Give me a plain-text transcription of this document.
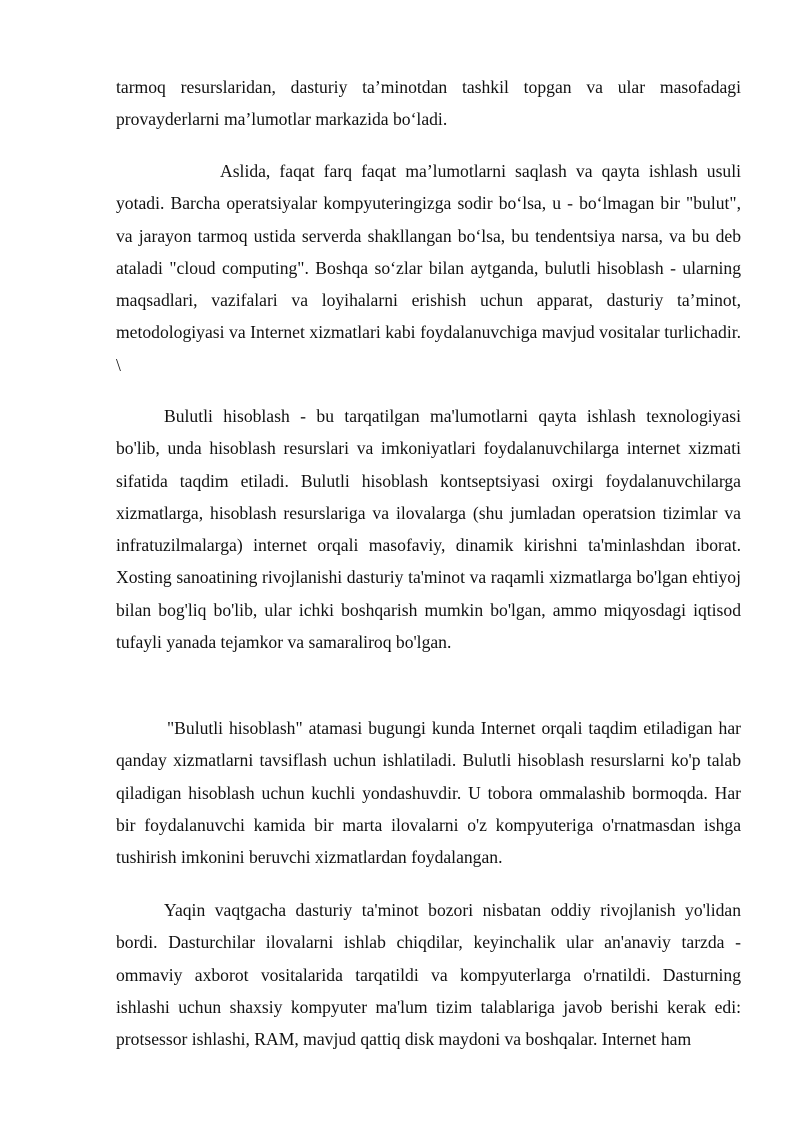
tarmoq resurslaridan, dasturiy ta’minotdan tashkil topgan va ular masofadagi provayderlarni ma’lumotlar markazida bo‘ladi.

Aslida, faqat farq faqat ma’lumotlarni saqlash va qayta ishlash usuli yotadi. Barcha operatsiyalar kompyuteringizga sodir bo‘lsa, u - bo‘lmagan bir "bulut", va jarayon tarmoq ustida serverda shakllangan bo‘lsa, bu tendentsiya narsa, va bu deb ataladi "cloud computing". Boshqa so‘zlar bilan aytganda, bulutli hisoblash - ularning maqsadlari, vazifalari va loyihalarni erishish uchun apparat, dasturiy ta’minot, metodologiyasi va Internet xizmatlari kabi foydalanuvchiga mavjud vositalar turlichadir. \

Bulutli hisoblash - bu tarqatilgan ma'lumotlarni qayta ishlash texnologiyasi bo'lib, unda hisoblash resurslari va imkoniyatlari foydalanuvchilarga internet xizmati sifatida taqdim etiladi. Bulutli hisoblash kontseptsiyasi oxirgi foydalanuvchilarga xizmatlarga, hisoblash resurslariga va ilovalarga (shu jumladan operatsion tizimlar va infratuzilmalarga) internet orqali masofaviy, dinamik kirishni ta'minlashdan iborat. Xosting sanoatining rivojlanishi dasturiy ta'minot va raqamli xizmatlarga bo'lgan ehtiyoj bilan bog'liq bo'lib, ular ichki boshqarish mumkin bo'lgan, ammo miqyosdagi iqtisod tufayli yanada tejamkor va samaraliroq bo'lgan.

"Bulutli hisoblash" atamasi bugungi kunda Internet orqali taqdim etiladigan har qanday xizmatlarni tavsiflash uchun ishlatiladi. Bulutli hisoblash resurslarni ko'p talab qiladigan hisoblash uchun kuchli yondashuvdir. U tobora ommalashib bormoqda. Har bir foydalanuvchi kamida bir marta ilovalarni o'z kompyuteriga o'rnatmasdan ishga tushirish imkonini beruvchi xizmatlardan foydalangan.

Yaqin vaqtgacha dasturiy ta'minot bozori nisbatan oddiy rivojlanish yo'lidan bordi. Dasturchilar ilovalarni ishlab chiqdilar, keyinchalik ular an'anaviy tarzda - ommaviy axborot vositalarida tarqatildi va kompyuterlarga o'rnatildi. Dasturning ishlashi uchun shaxsiy kompyuter ma'lum tizim talablariga javob berishi kerak edi: protsessor ishlashi, RAM, mavjud qattiq disk maydoni va boshqalar. Internet ham
